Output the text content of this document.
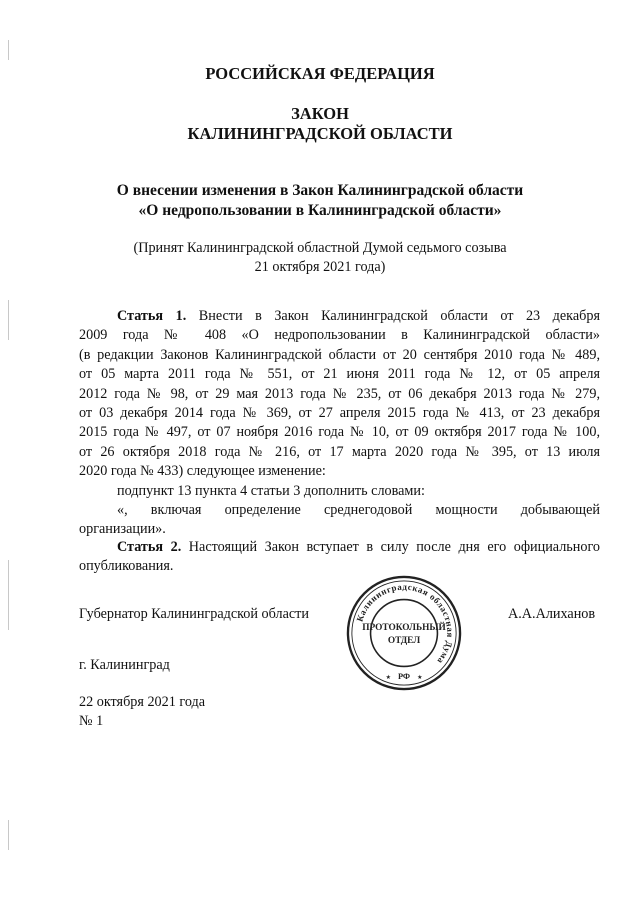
РОССИЙСКАЯ ФЕДЕРАЦИЯ
ЗАКОН
КАЛИНИНГРАДСКОЙ ОБЛАСТИ
О внесении изменения в Закон Калининградской области
«О недропользовании в Калининградской области»
(Принят Калининградской областной Думой седьмого созыва
21 октября 2021 года)
Статья 1. Внести в Закон Калининградской области от 23 декабря
2009 года № 408 «О недропользовании в Калининградской области»
(в редакции Законов Калининградской области от 20 сентября 2010 года № 489,
от 05 марта 2011 года № 551, от 21 июня 2011 года № 12, от 05 апреля
2012 года № 98, от 29 мая 2013 года № 235, от 06 декабря 2013 года № 279,
от 03 декабря 2014 года № 369, от 27 апреля 2015 года № 413, от 23 декабря
2015 года № 497, от 07 ноября 2016 года № 10, от 09 октября 2017 года № 100,
от 26 октября 2018 года № 216, от 17 марта 2020 года № 395, от 13 июля
2020 года № 433) следующее изменение:
подпункт 13 пункта 4 статьи 3 дополнить словами:
«, включая определение среднегодовой мощности добывающей
организации».
Статья 2. Настоящий Закон вступает в силу после дня его официального
опубликования.
Губернатор Калининградской области	А.А.Алиханов
Калининградская областная Дума
ПРОТОКОЛЬНЫЙ
ОТДЕЛ
РФ
★	★
г. Калининград
22 октября 2021 года
№ 1
